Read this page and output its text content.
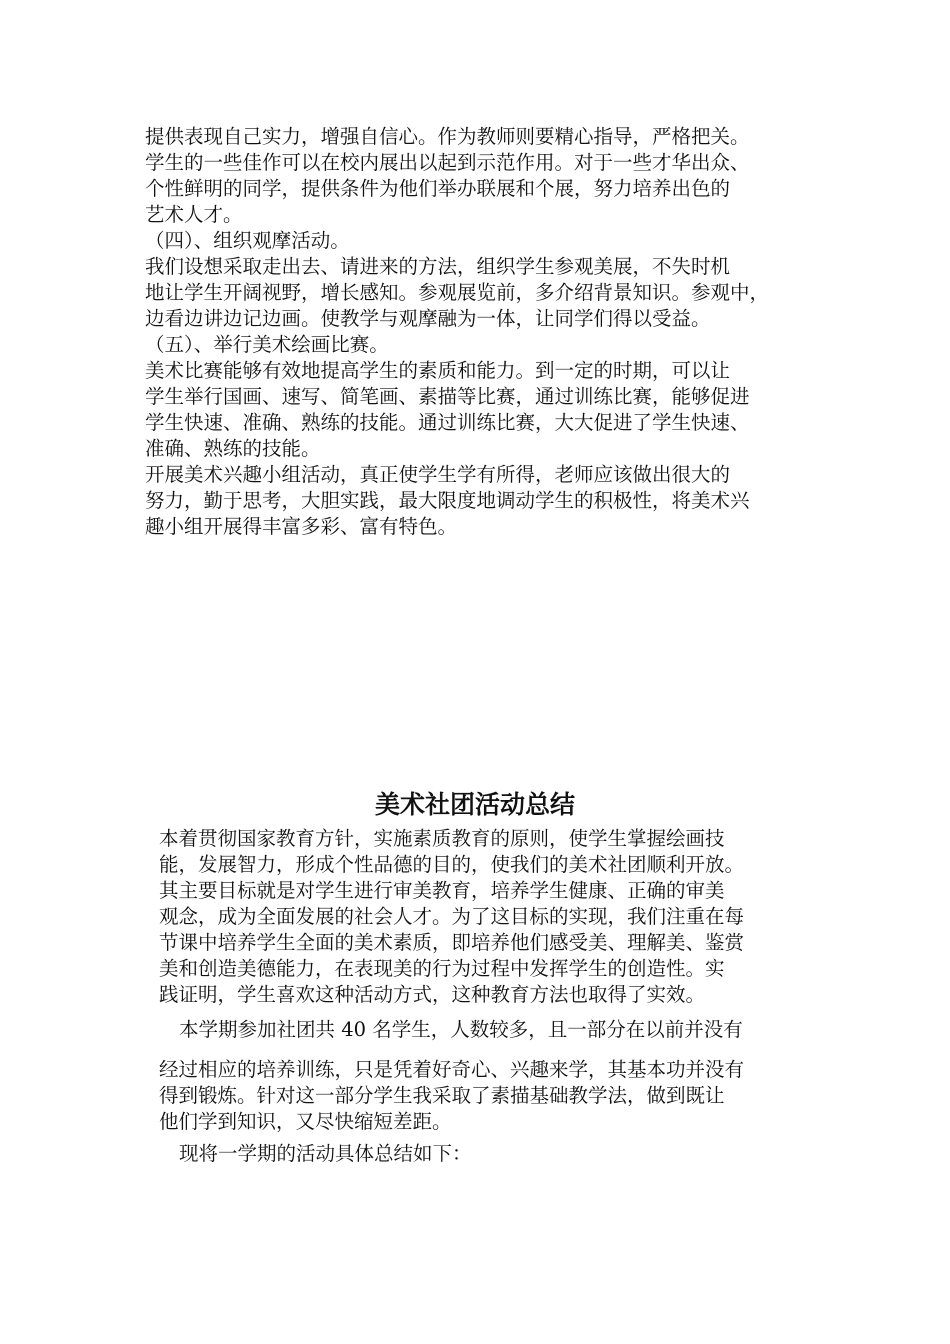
提供表现自己实力，增强自信心。作为教师则要精心指导，严格把关。
学生的一些佳作可以在校内展出以起到示范作用。对于一些才华出众、
个性鲜明的同学，提供条件为他们举办联展和个展，努力培养出色的
艺术人才。
（四）、组织观摩活动。
我们设想采取走出去、请进来的方法，组织学生参观美展，不失时机
地让学生开阔视野，增长感知。参观展览前，多介绍背景知识。参观中，
边看边讲边记边画。使教学与观摩融为一体，让同学们得以受益。
（五）、举行美术绘画比赛。
美术比赛能够有效地提高学生的素质和能力。到一定的时期，可以让
学生举行国画、速写、简笔画、素描等比赛，通过训练比赛，能够促进
学生快速、准确、熟练的技能。通过训练比赛，大大促进了学生快速、
准确、熟练的技能。
开展美术兴趣小组活动，真正使学生学有所得，老师应该做出很大的
努力，勤于思考，大胆实践，最大限度地调动学生的积极性，将美术兴
趣小组开展得丰富多彩、富有特色。
美术社团活动总结
本着贯彻国家教育方针，实施素质教育的原则，使学生掌握绘画技
能，发展智力，形成个性品德的目的，使我们的美术社团顺利开放。
其主要目标就是对学生进行审美教育，培养学生健康、正确的审美
观念，成为全面发展的社会人才。为了这目标的实现，我们注重在每
节课中培养学生全面的美术素质，即培养他们感受美、理解美、鉴赏
美和创造美德能力，在表现美的行为过程中发挥学生的创造性。实
践证明，学生喜欢这种活动方式，这种教育方法也取得了实效。
本学期参加社团共 40 名学生，人数较多，且一部分在以前并没有
经过相应的培养训练，只是凭着好奇心、兴趣来学，其基本功并没有
得到锻炼。针对这一部分学生我采取了素描基础教学法，做到既让
他们学到知识，又尽快缩短差距。
现将一学期的活动具体总结如下：
